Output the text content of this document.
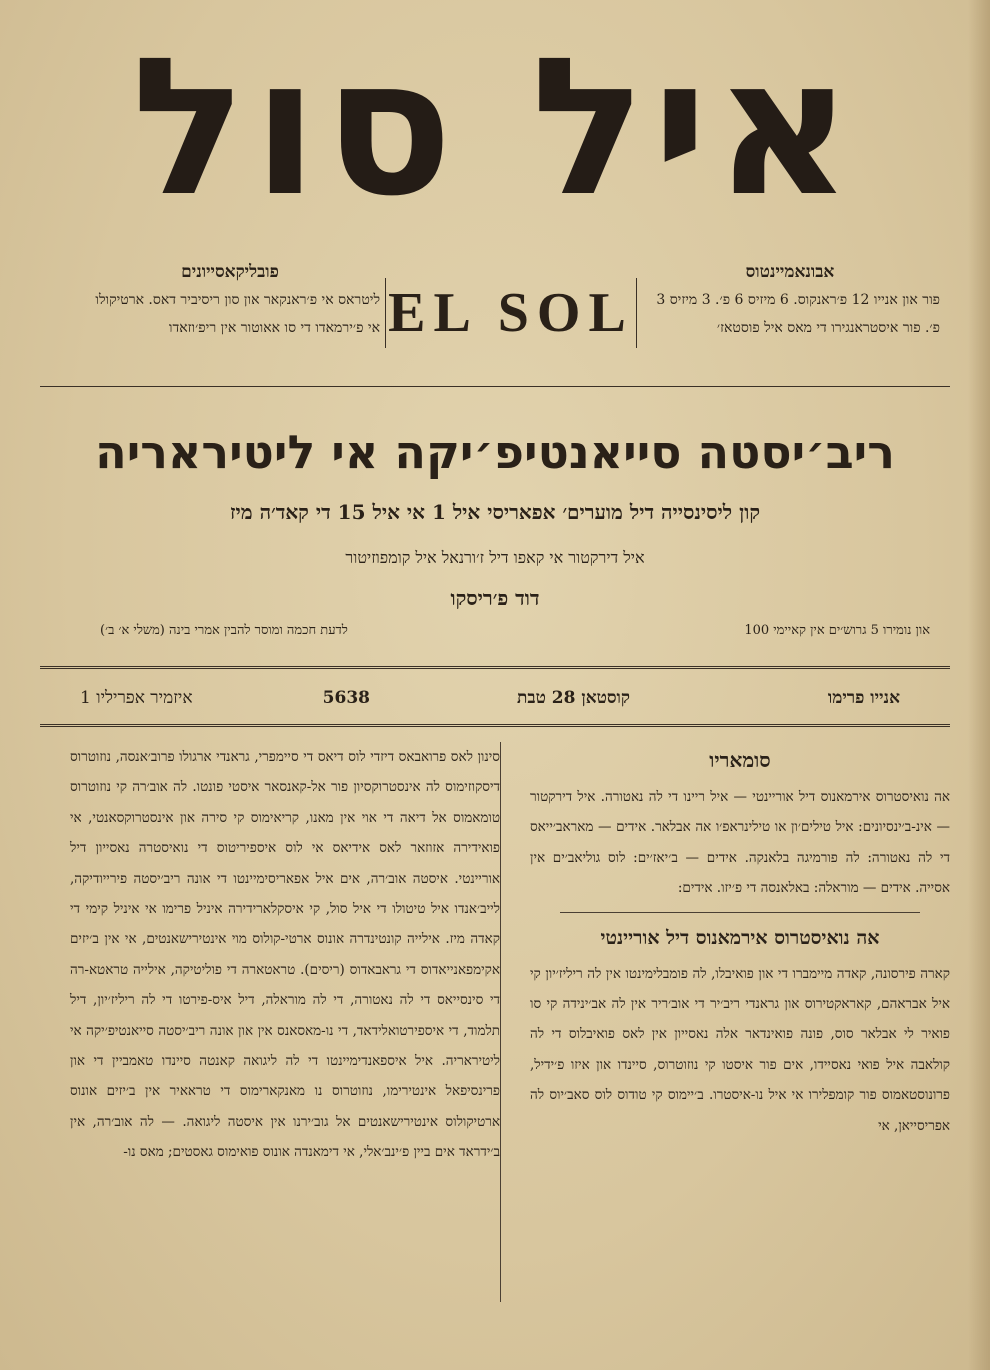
איל סול
אבונאמיינטוס
פור און אנייו 12 פ׳ראנקוס. 6 מיזיס 6 פ׳. 3 מיזיס 3 פ׳. פור איסטראנגירו די מאס איל פוסטאז׳
EL SOL
פובליקאסייונים
ליטראס אי פ׳ראנקאר און סון ריסיביר דאס. ארטיקולו אי פ׳ירמאדו די סו אאוטור אין ריפ׳וזאדו
ריב׳יסטה סייאנטיפ׳יקה אי ליטיראריה
קון ליסינסייה דיל מוערים׳ אפאריסי איל 1 אי איל 15 די קאד׳ה מיז
איל דירקטור אי קאפו דיל ז׳ורנאל איל קומפוזיטור
דוד פ׳ריסקו
און נומירו 5 גרוש׳ים אין קאיימי 100
לדעת חכמה ומוסר להבין אמרי בינה (משלי א׳ ב׳)
אנייו פרימו
קוסטאן 28 טבת
5638
איזמיר אפריליו 1
סומאריו

אה נואיסטרוס אירמאנוס דיל אוריינטי — איל ריינו די לה נאטורה. איל דירקטור — אינ-ב׳ינסיונים: איל טילים׳ון או טילינראפ׳ו אה אבלאר. אידים — מאראב׳ייאס די לה נאטורה: לה פורמיגה בלאנקה. אידים — ב׳יאז׳ים: לוס גוליאב׳ים אין אסייה. אידים — מוראלה: באלאנסה די פ׳יזו. אידים:

אה נואיסטרוס אירמאנוס דיל אוריינטי

קארה פירסונה, קאדה מיימברו די און פואיבלו, לה פומבלימינטו אין לה ריליז׳יון קי איל אבראהם, קאראקטירוס און גראנדי ריב׳יר די אוב׳ריר אין לה אב׳ינידה קי סו פואיר לי אבלאר סוס, פונה פואינדאר אלה נאסייון אין לאס פואיבלוס די לה קולאבה איל פואי נאסיידו, אים פור איסטו קי נוזוטרוס, סיינדו און איזו פ׳ידיל, פרונוסטאמוס פור קומפלירו אי איל נו-איסטרו. ב׳יימוס קי טודוס לוס סאב׳יוס לה אפריסייאן, אי

סינון לאס פרואבאס דיזדי לוס דיאס די סיימפרי, גראנדי ארגולו פרוב׳אנסה, נוזוטרוס דיסקוזימוס לה אינסטרוקסיון פור אל-קאנסאר איסטי פונטו. לה אוב׳רה קי נוזוטרוס טומאמוס אל דיאה די אוי אין מאנו, קריאימוס קי סירה און אינסטרוקסאנטי, אי פואידירה אזוזאר לאס אידיאס אי לוס איספיריטוס די נואיסטרה נאסייון דיל אוריינטי. איסטה אוב׳רה, אים איל אפאריסימיינטו די אונה ריב׳יסטה פירייודיקה, לייב׳אנדו איל טיטולו די איל סול, קי איסקלארידירה איניל פרימו אי איניל קימי די קאדה מיז. אילייה קונטינדרה אונוס ארטי-קולוס מוי אינטירישאנטים, אי אין ב׳יזים אקימפאנייאדוס די גראבאדוס (ריסים). טראטארה די פוליטיקה, אילייה טראטא-רה די סינסייאס די לה נאטורה, די לה מוראלה, דיל איס-פירטו די לה ריליז׳יון, דיל תלמוד, די איספירטואלידאד, די נו-מאסאנס אין און אונה ריב׳יסטה סייאנטיפ׳יקה אי ליטיראריה. איל איספאנדימיינטו די לה ליגואה קאנטה סיינדו טאמביין די און פרינסיפאל אינטירימו, נוזוטרוס נו מאנקארימוס די טראאיר אין ב׳יזים אונוס ארטיקולוס אינטירישאנטים אל גוב׳ירנו אין איסטה ליגואה. — לה אוב׳רה, אין ב׳ידראד אים ביין פ׳ינב׳אלי, אי דימאנדה אונוס פואימוס גאסטים; מאס נו-
